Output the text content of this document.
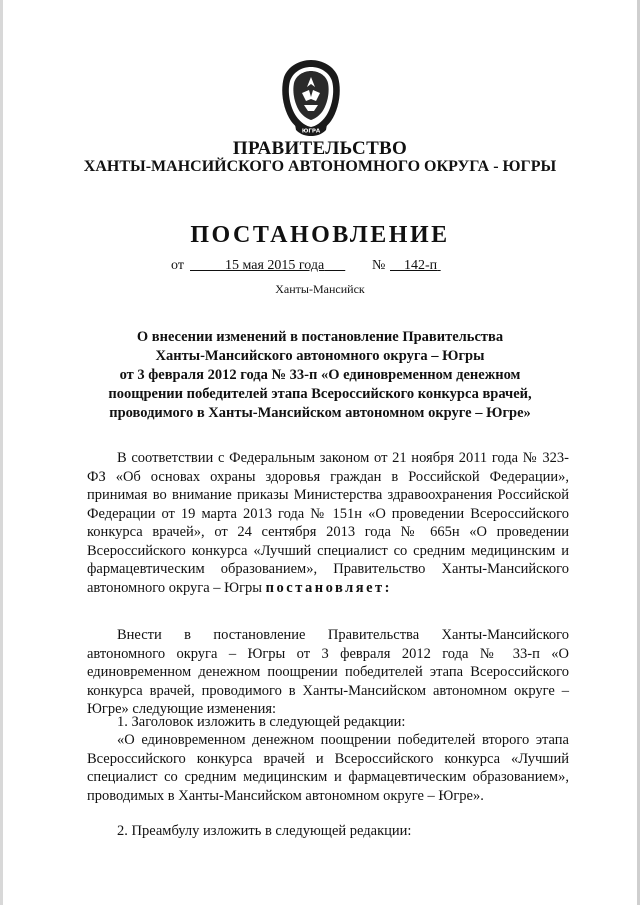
ЮГРА
ПРАВИТЕЛЬСТВО
ХАНТЫ-МАНСИЙСКОГО АВТОНОМНОГО ОКРУГА - ЮГРЫ
ПОСТАНОВЛЕНИЕ
от	15 мая 2015 года	№	142-п
Ханты-Мансийск
О внесении изменений в постановление Правительства
Ханты-Мансийского автономного округа – Югры
от 3 февраля 2012 года № 33-п «О единовременном денежном
поощрении победителей этапа Всероссийского конкурса врачей,
проводимого в Ханты-Мансийском автономном округе – Югре»
В соответствии с Федеральным законом от 21 ноября 2011 года № 323-ФЗ «Об основах охраны здоровья граждан в Российской Федерации», принимая во внимание приказы Министерства здравоохранения Российской Федерации от 19 марта 2013 года № 151н «О проведении Всероссийского конкурса врачей», от 24 сентября 2013 года № 665н «О проведении Всероссийского конкурса «Лучший специалист со средним медицинским и фармацевтическим образованием», Правительство Ханты-Мансийского автономного округа – Югры постановляет:
Внести в постановление Правительства Ханты-Мансийского автономного округа – Югры от 3 февраля 2012 года № 33-п «О единовременном денежном поощрении победителей этапа Всероссийского конкурса врачей, проводимого в Ханты-Мансийском автономном округе – Югре» следующие изменения:
1. Заголовок изложить в следующей редакции:
«О единовременном денежном поощрении победителей второго этапа Всероссийского конкурса врачей и Всероссийского конкурса «Лучший специалист со средним медицинским и фармацевтическим образованием», проводимых в Ханты-Мансийском автономном округе – Югре».
2. Преамбулу изложить в следующей редакции:
